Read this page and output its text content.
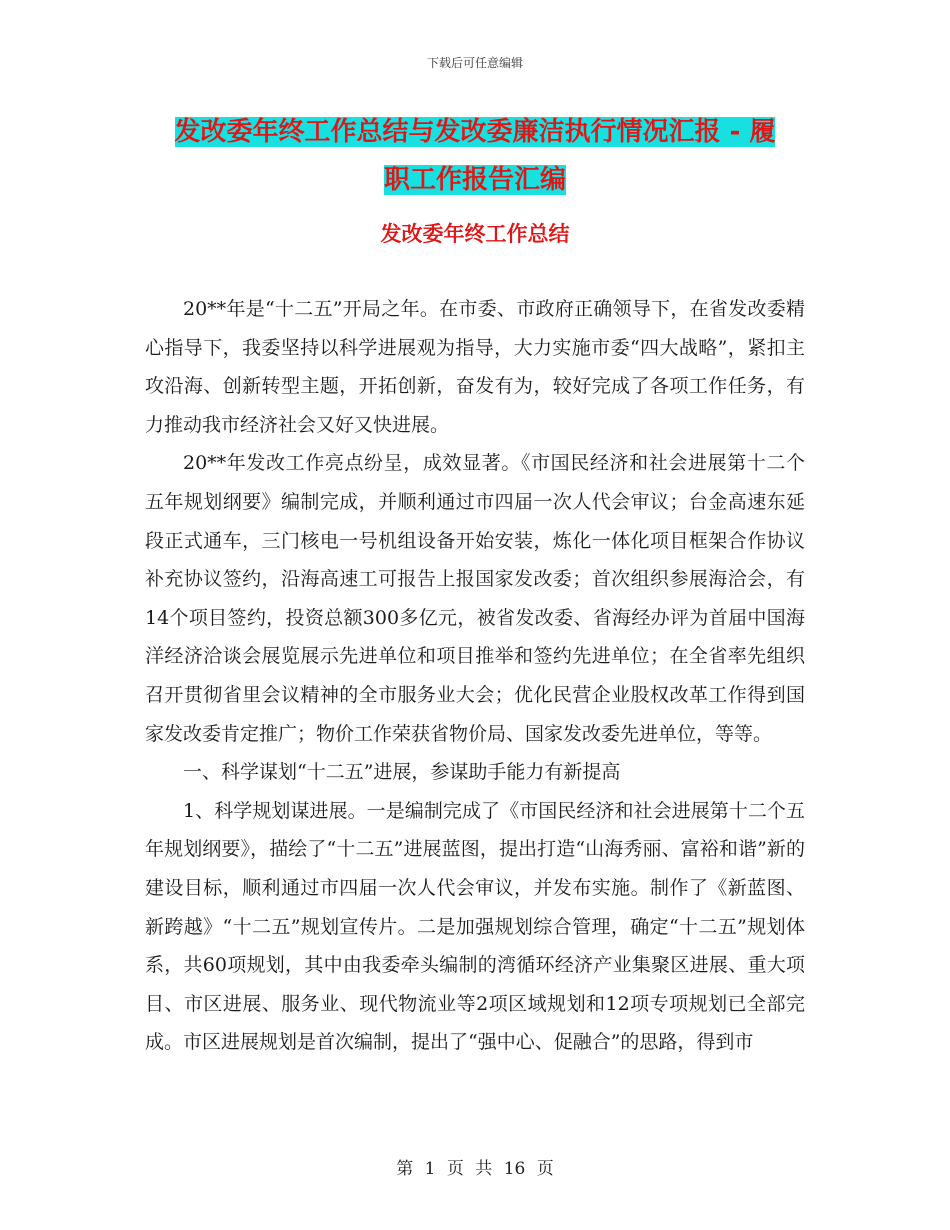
下载后可任意编辑
发改委年终工作总结与发改委廉洁执行情况汇报 - 履
职工作报告汇编
发改委年终工作总结

20**年是“十二五”开局之年。在市委、市政府正确领导下，在省发改委精心指导下，我委坚持以科学进展观为指导，大力实施市委“四大战略”，紧扣主攻沿海、创新转型主题，开拓创新，奋发有为，较好完成了各项工作任务，有力推动我市经济社会又好又快进展。

20**年发改工作亮点纷呈，成效显著。《市国民经济和社会进展第十二个五年规划纲要》编制完成，并顺利通过市四届一次人代会审议；台金高速东延段正式通车，三门核电一号机组设备开始安装，炼化一体化项目框架合作协议补充协议签约，沿海高速工可报告上报国家发改委；首次组织参展海洽会，有14个项目签约，投资总额300多亿元，被省发改委、省海经办评为首届中国海洋经济洽谈会展览展示先进单位和项目推举和签约先进单位；在全省率先组织召开贯彻省里会议精神的全市服务业大会；优化民营企业股权改革工作得到国家发改委肯定推广；物价工作荣获省物价局、国家发改委先进单位，等等。

一、科学谋划“十二五”进展，参谋助手能力有新提高

1、科学规划谋进展。一是编制完成了《市国民经济和社会进展第十二个五年规划纲要》，描绘了“十二五”进展蓝图，提出打造“山海秀丽、富裕和谐”新的建设目标，顺利通过市四届一次人代会审议，并发布实施。制作了《新蓝图、新跨越》“十二五”规划宣传片。二是加强规划综合管理，确定“十二五”规划体系，共60项规划，其中由我委牵头编制的湾循环经济产业集聚区进展、重大项目、市区进展、服务业、现代物流业等2项区域规划和12项专项规划已全部完成。市区进展规划是首次编制，提出了“强中心、促融合”的思路，得到市

第 1 页 共 16 页
